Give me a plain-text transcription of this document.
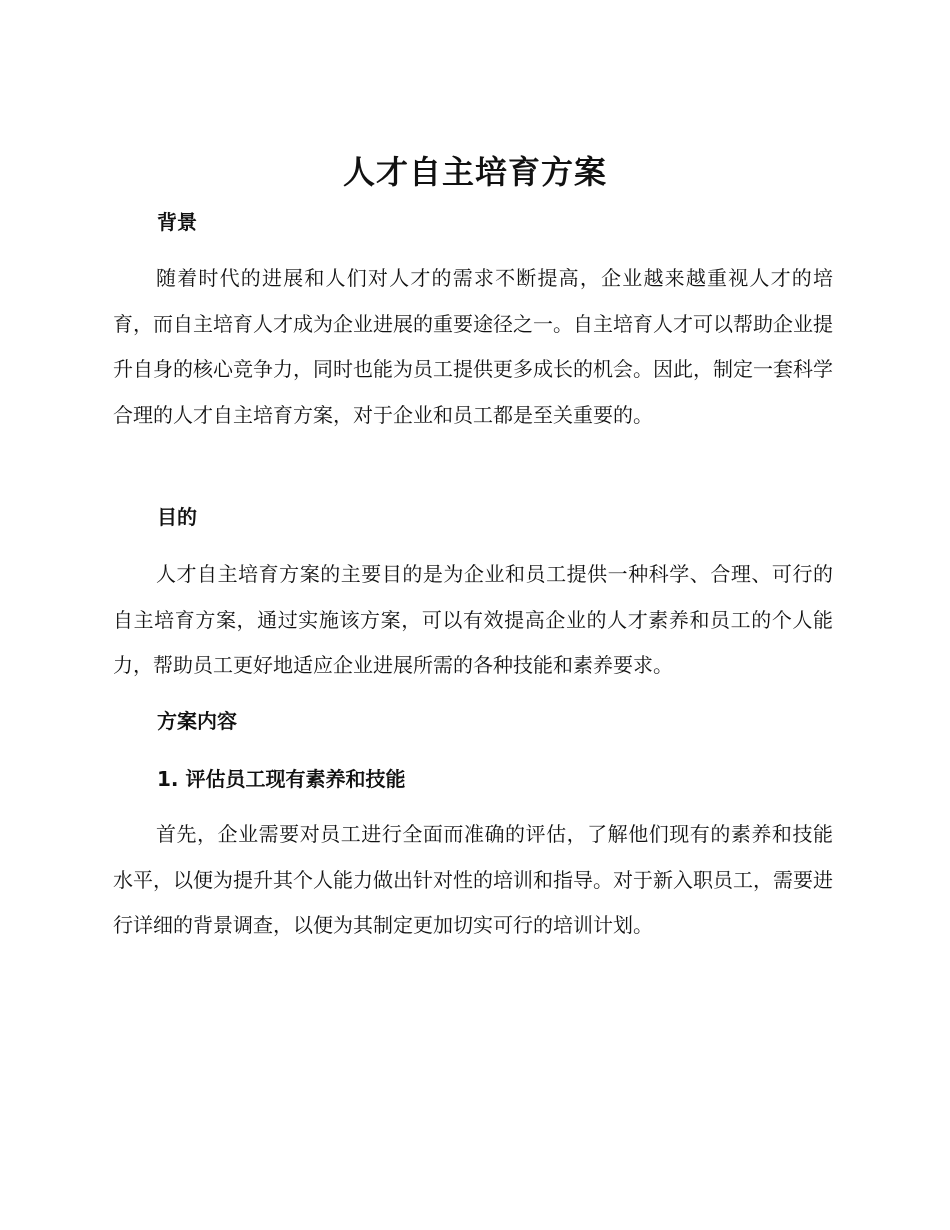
人才自主培育方案
背景

随着时代的进展和人们对人才的需求不断提高，企业越来越重视人才的培育，而自主培育人才成为企业进展的重要途径之一。自主培育人才可以帮助企业提升自身的核心竞争力，同时也能为员工提供更多成长的机会。因此，制定一套科学合理的人才自主培育方案，对于企业和员工都是至关重要的。

目的

人才自主培育方案的主要目的是为企业和员工提供一种科学、合理、可行的自主培育方案，通过实施该方案，可以有效提高企业的人才素养和员工的个人能力，帮助员工更好地适应企业进展所需的各种技能和素养要求。

方案内容
1. 评估员工现有素养和技能

首先，企业需要对员工进行全面而准确的评估，了解他们现有的素养和技能水平，以便为提升其个人能力做出针对性的培训和指导。对于新入职员工，需要进行详细的背景调查，以便为其制定更加切实可行的培训计划。
